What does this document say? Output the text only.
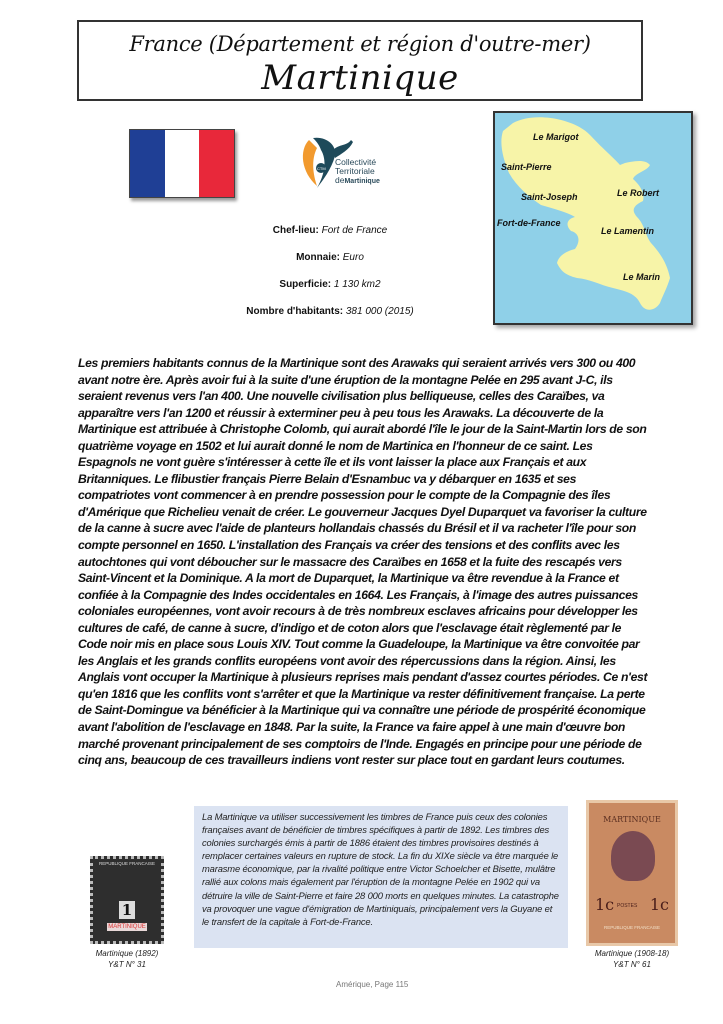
France (Département et région d'outre-mer)
Martinique
CTM
Collectivité
Territoriale
deMartinique
Chef-lieu: Fort de France
Monnaie: Euro
Superficie: 1 130 km2
Nombre d'habitants: 381 000 (2015)
Le Marigot
Saint-Pierre
Saint-Joseph	Le Robert
Fort-de-France
Le Lamentin
Le Marin
Les premiers habitants connus de la Martinique sont des Arawaks qui seraient arrivés vers 300 ou 400 avant notre ère. Après avoir fui à la suite d'une éruption de la montagne Pelée en 295 avant J-C, ils seraient revenus vers l'an 400. Une nouvelle civilisation plus belliqueuse, celles des Caraïbes, va apparaître vers l'an 1200 et réussir à exterminer peu à peu tous les Arawaks. La découverte de la Martinique est attribuée à Christophe Colomb, qui aurait abordé l'île le jour de la Saint-Martin lors de son quatrième voyage en 1502 et lui aurait donné le nom de Martinica en l'honneur de ce saint. Les Espagnols ne vont guère s'intéresser à cette île et ils vont laisser la place aux Français et aux Britanniques. Le flibustier français Pierre Belain d'Esnambuc va y débarquer en 1635 et ses compatriotes vont commencer à en prendre possession pour le compte de la Compagnie des îles d'Amérique que Richelieu venait de créer. Le gouverneur Jacques Dyel Duparquet va favoriser la culture de la canne à sucre avec l'aide de planteurs hollandais chassés du Brésil et il va racheter l'île pour son compte personnel en 1650. L'installation des Français va créer des tensions et des conflits avec les autochtones qui vont déboucher sur le massacre des Caraïbes en 1658 et la fuite des rescapés vers Saint-Vincent et la Dominique. A la mort de Duparquet, la Martinique va être revendue à la France et confiée à la Compagnie des Indes occidentales en 1664. Les Français, à l'image des autres puissances coloniales européennes, vont avoir recours à de très nombreux esclaves africains pour développer les cultures de café, de canne à sucre, d'indigo et de coton alors que l'esclavage était règlementé par le Code noir mis en place sous Louis XIV. Tout comme la Guadeloupe, la Martinique va être convoitée par les Anglais et les grands conflits européens vont avoir des répercussions dans la région. Ainsi, les Anglais vont occuper la Martinique à plusieurs reprises mais pendant d'assez courtes périodes. Ce n'est qu'en 1816 que les conflits vont s'arrêter et que la Martinique va rester définitivement française. La perte de Saint-Domingue va bénéficier à la Martinique qui va connaître une période de prospérité économique avant l'abolition de l'esclavage en 1848. Par la suite, la France va faire appel à une main d'œuvre bon marché provenant principalement de ses comptoirs de l'Inde. Engagés en principe pour une période de cinq ans, beaucoup de ces travailleurs indiens vont rester sur place tout en gardant leurs coutumes.
La Martinique va utiliser successivement les timbres de France puis ceux des colonies françaises avant de bénéficier de timbres spécifiques à partir de 1892. Les timbres des colonies surchargés émis à partir de 1886 étaient des timbres provisoires destinés à remplacer certaines valeurs en rupture de stock. La fin du XIXe siècle va être marquée le marasme économique, par la rivalité politique entre Victor Schoelcher et Bisette, mulâtre rallié aux colons mais également par l'éruption de la montagne Pelée en 1902 qui va détruire la ville de Saint-Pierre et faire 28 000 morts en quelques minutes. La catastrophe va provoquer une vague d'émigration de Martiniquais, principalement vers la Guyane et le transfert de la capitale à Fort-de-France.
REPUBLIQUE FRANCAISE
1
MARTINIQUE
Martinique (1892)
Y&T N° 31
MARTINIQUE
1c 1c
POSTES
REPUBLIQUE FRANCAISE
Martinique (1908-18)
Y&T N° 61
Amérique, Page 115
